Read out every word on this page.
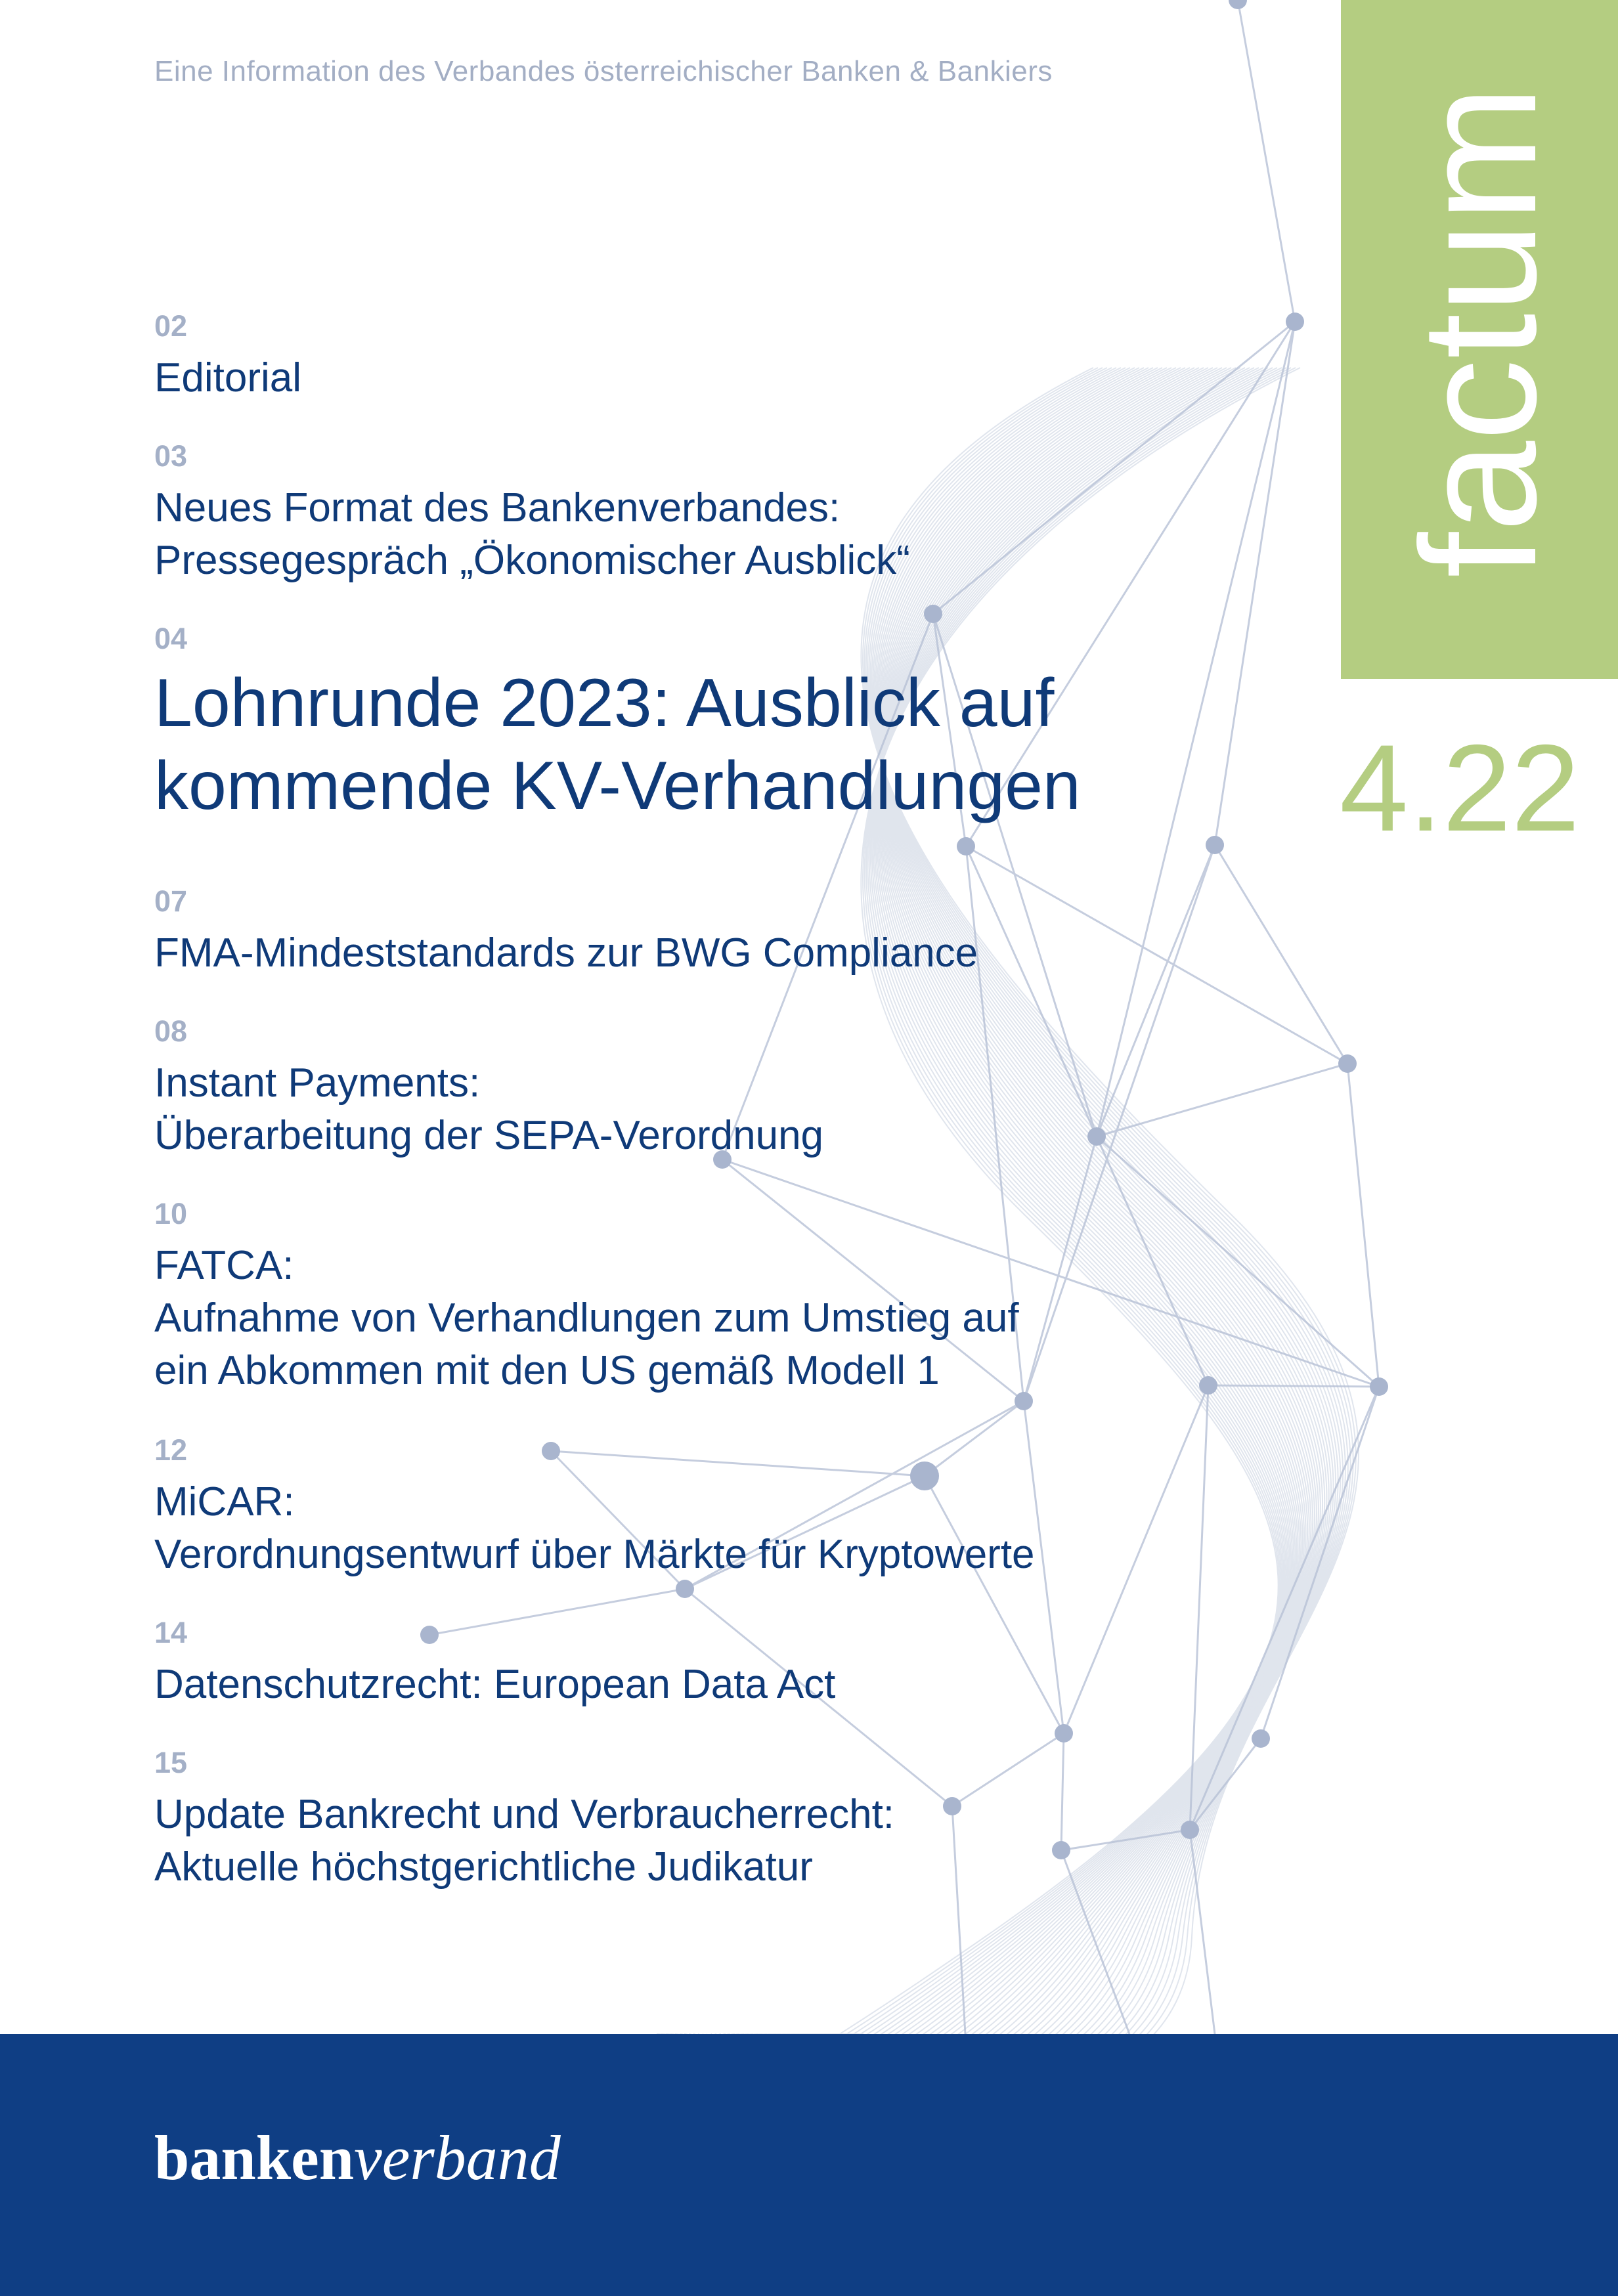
Eine Information des Verbandes österreichischer Banken & Bankiers
02
Editorial
03
Neues Format des Bankenverbandes:
Pressegespräch „Ökonomischer Ausblick“
04
Lohnrunde 2023: Ausblick auf
kommende KV-Verhandlungen
07
FMA-Mindeststandards zur BWG Compliance
08
Instant Payments:
Überarbeitung der SEPA-Verordnung
10
FATCA:
Aufnahme von Verhandlungen zum Umstieg auf
ein Abkommen mit den US gemäß Modell 1
12
MiCAR:
Verordnungsentwurf über Märkte für Kryptowerte
14
Datenschutzrecht: European Data Act
15
Update Bankrecht und Verbraucherrecht:
Aktuelle höchstgerichtliche Judikatur
factum
4.22
bankenverband
